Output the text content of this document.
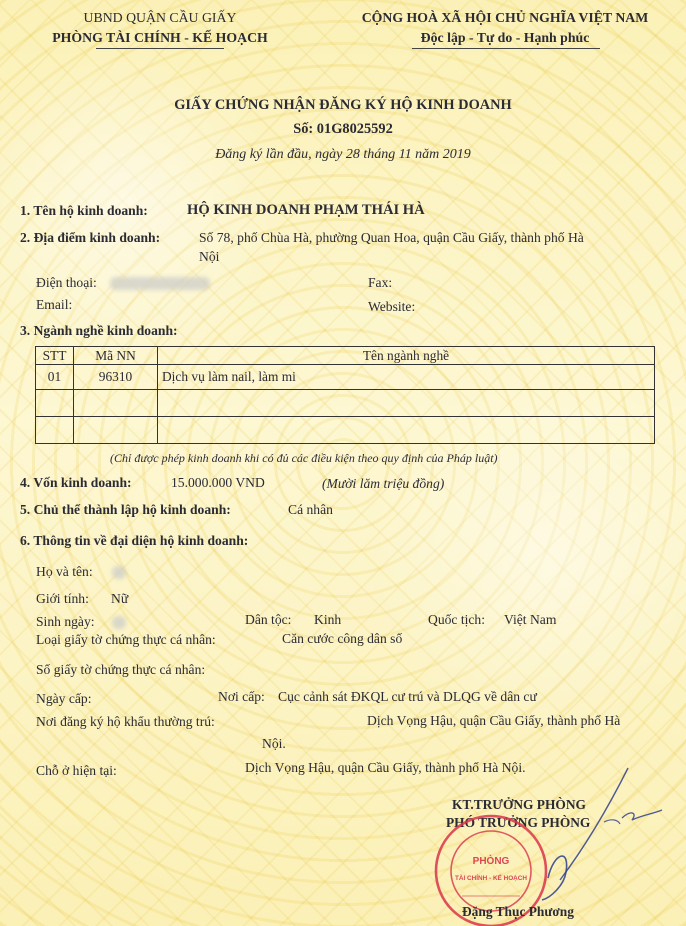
UBND QUẬN CẦU GIẤY
PHÒNG TÀI CHÍNH - KẾ HOẠCH
CỘNG HOÀ XÃ HỘI CHỦ NGHĨA VIỆT NAM
Độc lập - Tự do - Hạnh phúc
GIẤY CHỨNG NHẬN ĐĂNG KÝ HỘ KINH DOANH
Số: 01G8025592
Đăng ký lần đầu, ngày 28 tháng 11 năm 2019
1. Tên hộ kinh doanh:	HỘ KINH DOANH PHẠM THÁI HÀ
2. Địa điểm kinh doanh:	Số 78, phố Chùa Hà, phường Quan Hoa, quận Cầu Giấy, thành phố Hà
Nội
Điện thoại:	Fax:
Email:	Website:
3. Ngành nghề kinh doanh:
STT	Mã NN	Tên ngành nghề
01	96310	Dịch vụ làm nail, làm mi

(Chỉ được phép kinh doanh khi có đủ các điều kiện theo quy định của Pháp luật)
4. Vốn kinh doanh:	15.000.000 VND	(Mười lăm triệu đồng)
5. Chủ thể thành lập hộ kinh doanh:	Cá nhân
6. Thông tin về đại diện hộ kinh doanh:
Họ và tên:
Giới tính: Nữ
Sinh ngày:	Dân tộc: Kinh	Quốc tịch: Việt Nam
Loại giấy tờ chứng thực cá nhân:	Căn cước công dân số
Số giấy tờ chứng thực cá nhân:
Ngày cấp:	Nơi cấp: Cục cảnh sát ĐKQL cư trú và DLQG về dân cư
Nơi đăng ký hộ khẩu thường trú:	Dịch Vọng Hậu, quận Cầu Giấy, thành phố Hà
Nội.
Chỗ ở hiện tại:	Dịch Vọng Hậu, quận Cầu Giấy, thành phố Hà Nội.
KT.TRƯỞNG PHÒNG
PHÓ TRƯỞNG PHÒNG
PHÒNG
TÀI CHÍNH - KẾ HOẠCH
Đặng Thục Phương
